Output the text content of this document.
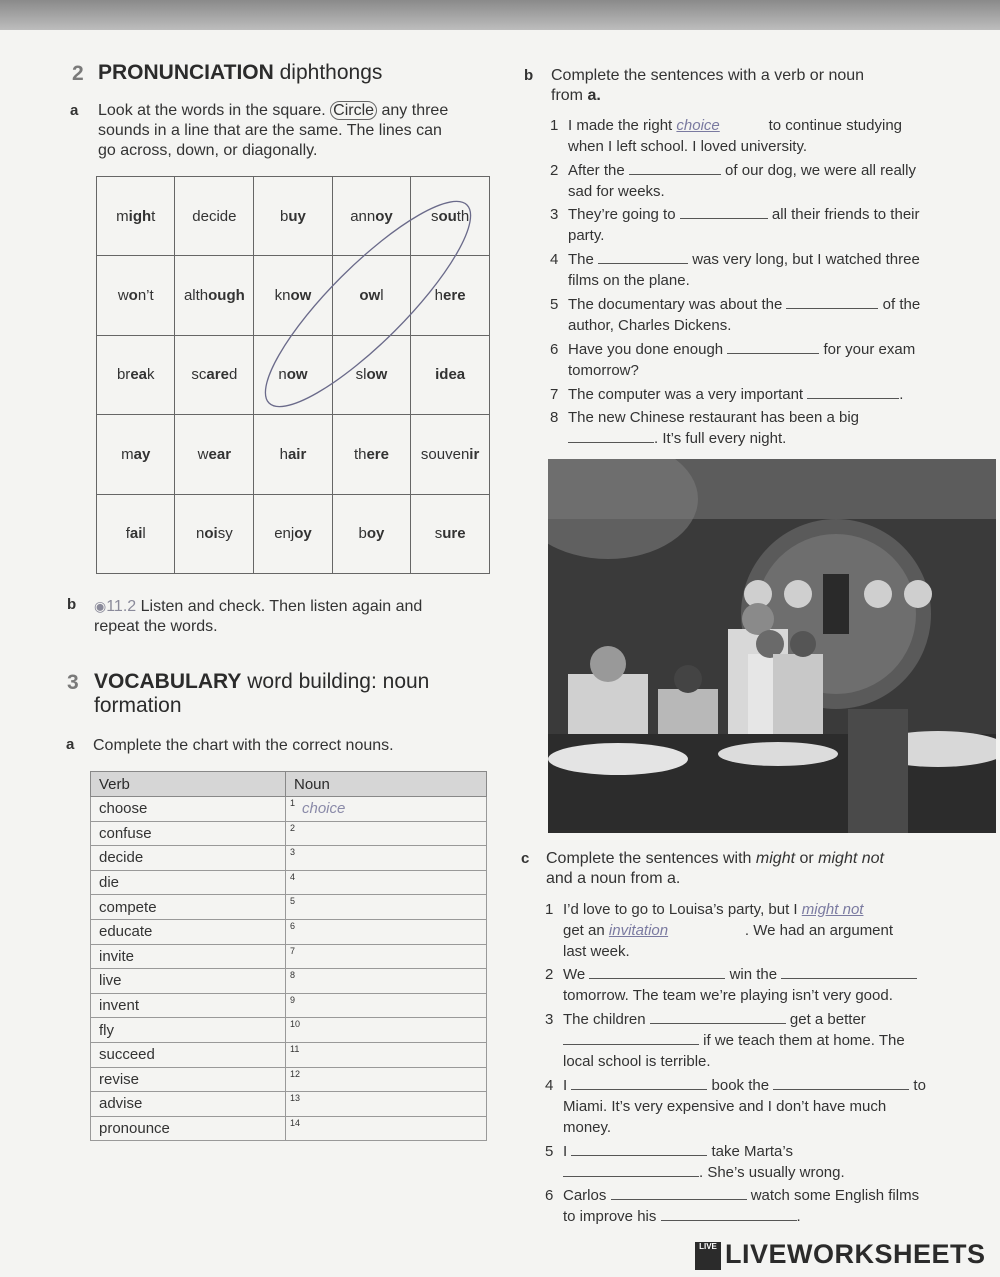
2 PRONUNCIATION diphthongs
a Look at the words in the square. Circle any three
sounds in a line that are the same. The lines can
go across, down, or diagonally.
might	decide	buy	annoy	south
won’t	although	know	owl	here
break	scared	now	slow	idea
may	wear	hair	there	souvenir
fail	noisy	enjoy	boy	sure
b ◉11.2 Listen and check. Then listen again and
repeat the words.
3 VOCABULARY word building: noun
formation
a Complete the chart with the correct nouns.
Verb	Noun
choose	1 choice
confuse	2

decide	3

die	4

compete	5

educate	6

invite	7

live	8

invent	9

fly	10

succeed	11

revise	12

advise	13

pronounce	14
b Complete the sentences with a verb or noun
from a.
1 I made the right choice	to continue studying
when I left school. I loved university.
2 After the	of our dog, we were all really
sad for weeks.
3 They’re going to	all their friends to their
party.
4 The	was very long, but I watched three
films on the plane.
5 The documentary was about the	of the
author, Charles Dickens.
6 Have you done enough	for your exam
tomorrow?
7 The computer was a very important	.
8 The new Chinese restaurant has been a big
. It’s full every night.
c Complete the sentences with might or might not
and a noun from a.
1 I’d love to go to Louisa’s party, but I might not
get an invitation	. We had an argument
last week.
2 We	win the
tomorrow. The team we’re playing isn’t very good.
3 The children	get a better
if we teach them at home. The
local school is terrible.
4 I	book the	to
Miami. It’s very expensive and I don’t have much
money.
5 I	take Marta’s
. She’s usually wrong.
6 Carlos	watch some English films
to improve his	.
LIVE LIVEWORKSHEETS
